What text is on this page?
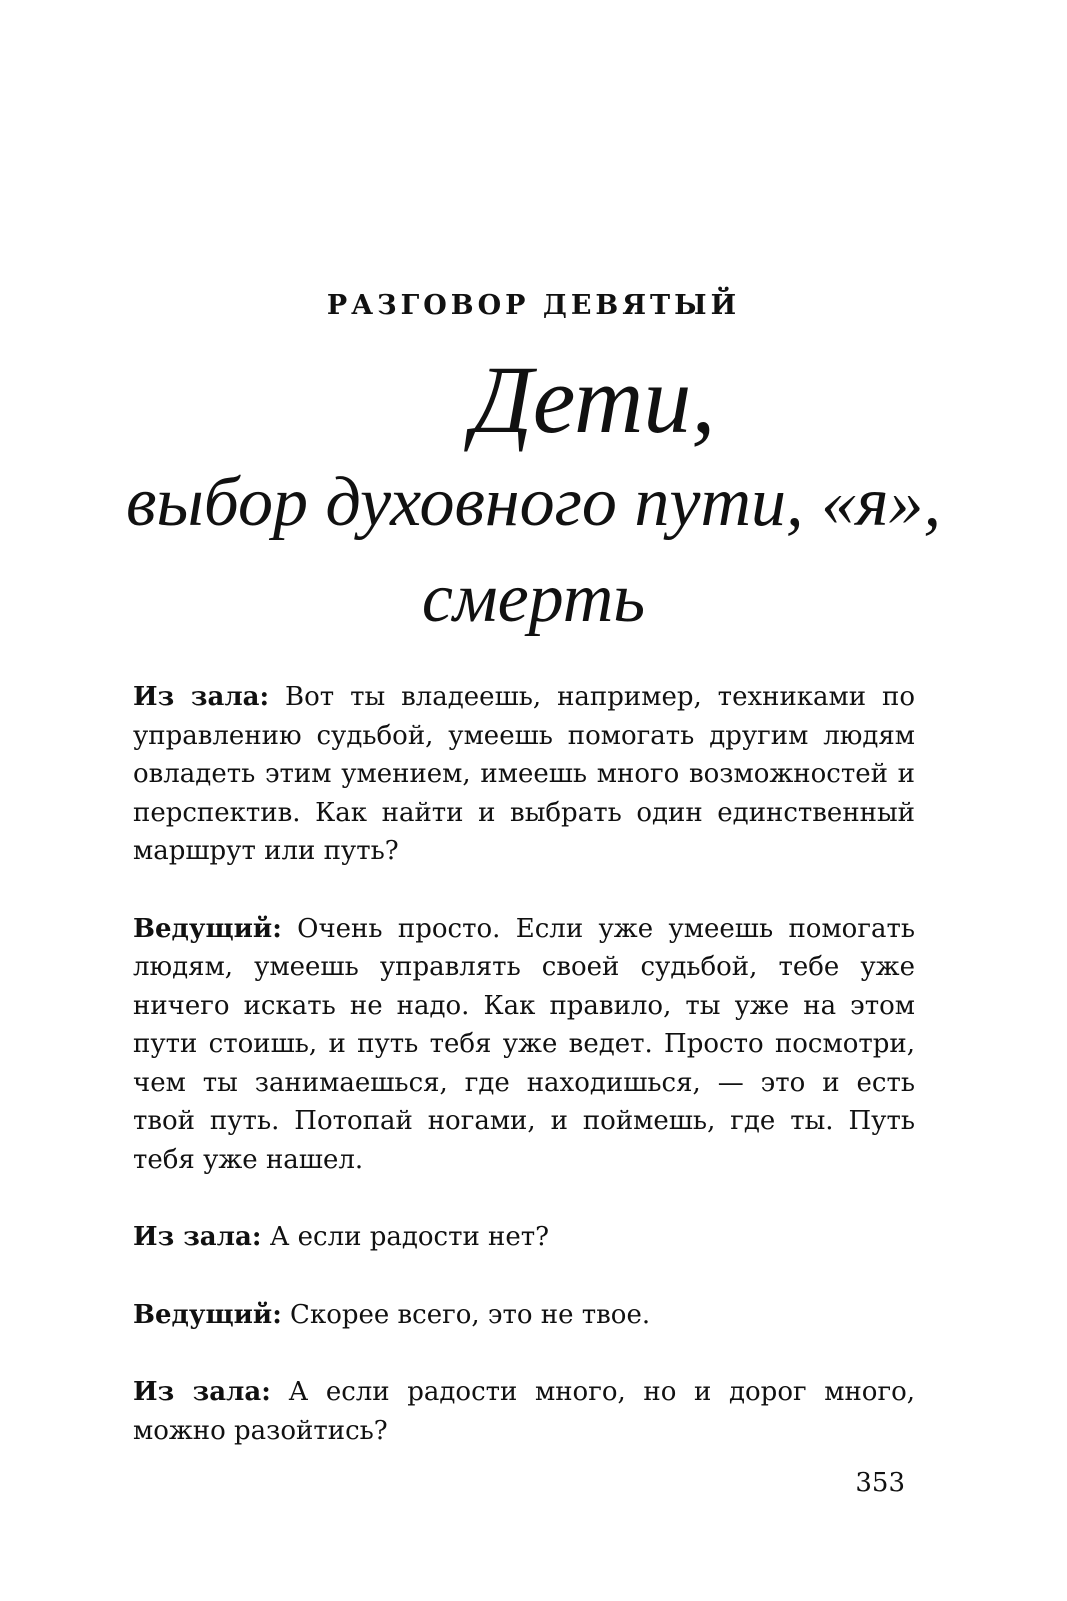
РАЗГОВОР ДЕВЯТЫЙ
Дети,
выбор духовного пути, «я»,
смерть

Из зала: Вот ты владеешь, например, техниками по управлению судьбой, умеешь помогать другим людям овладеть этим умением, имеешь много возможностей и перспектив. Как найти и выбрать один единственный маршрут или путь?

Ведущий: Очень просто. Если уже умеешь помогать людям, умеешь управлять своей судьбой, тебе уже ничего искать не надо. Как правило, ты уже на этом пути стоишь, и путь тебя уже ведет. Просто посмотри, чем ты занимаешься, где находишься, — это и есть твой путь. Потопай ногами, и поймешь, где ты. Путь тебя уже нашел.

Из зала: А если радости нет?

Ведущий: Скорее всего, это не твое.

Из зала: А если радости много, но и дорог много, можно разойтись?

353
